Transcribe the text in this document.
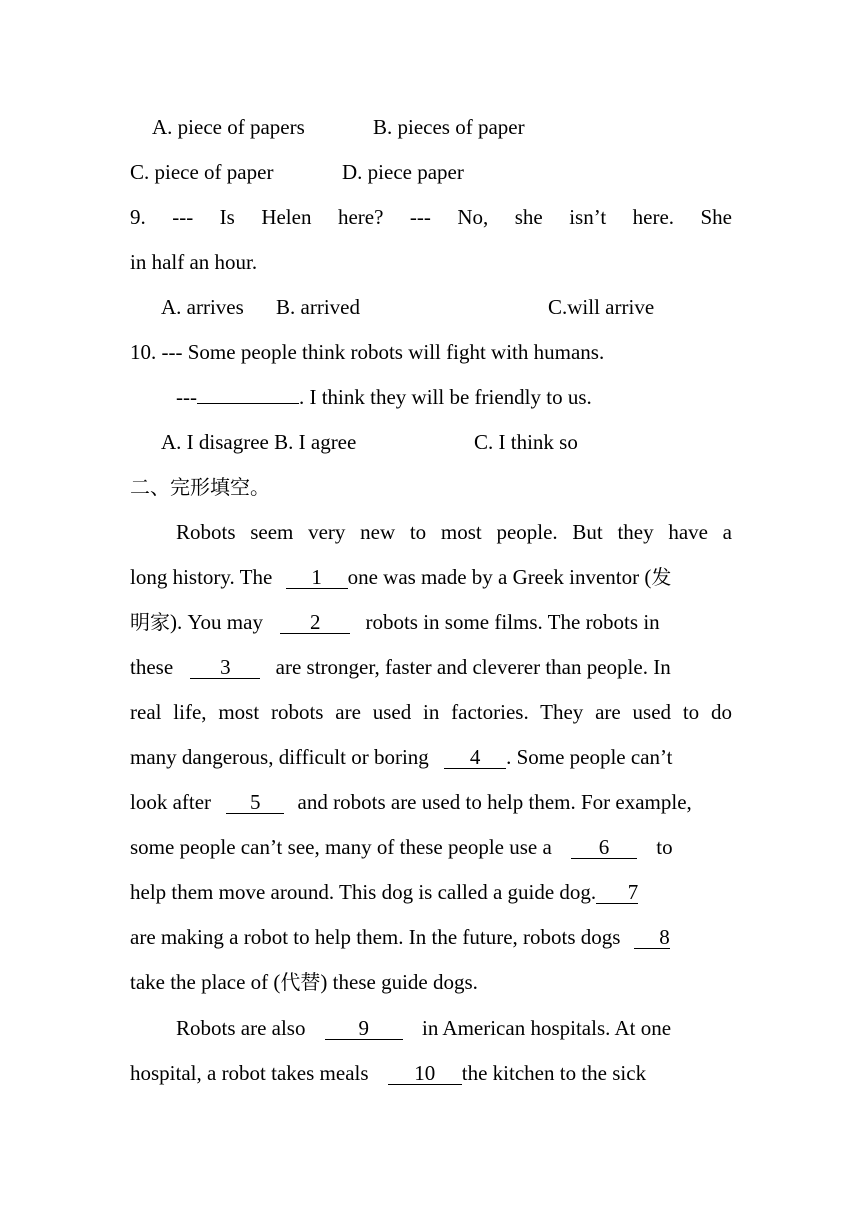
A. piece of papers	B. pieces of paper
C. piece of paper	D. piece paper
9. --- Is Helen here? --- No, she isn’t here. She
in half an hour.
A. arrives B. arrived	C.will arrive
10. --- Some people think robots will fight with humans.
---	. I think they will be friendly to us.
A. I disagree B. I agree	C. I think so
二、完形填空。
Robots seem very new to most people. But they have a
long history. The 1 one was made by a Greek inventor (发
明家). You may 2 robots in some films. The robots in
these 3 are stronger, faster and cleverer than people. In
real life, most robots are used in factories. They are used to do
many dangerous, difficult or boring 4 . Some people can’t
look after 5 and robots are used to help them. For example,
some people can’t see, many of these people use a 6 to
help them move around. This dog is called a guide dog. 7
are making a robot to help them. In the future, robots dogs 8
take the place of (代替) these guide dogs.
Robots are also	9	in American hospitals. At one
hospital, a robot takes meals 10 the kitchen to the sick
